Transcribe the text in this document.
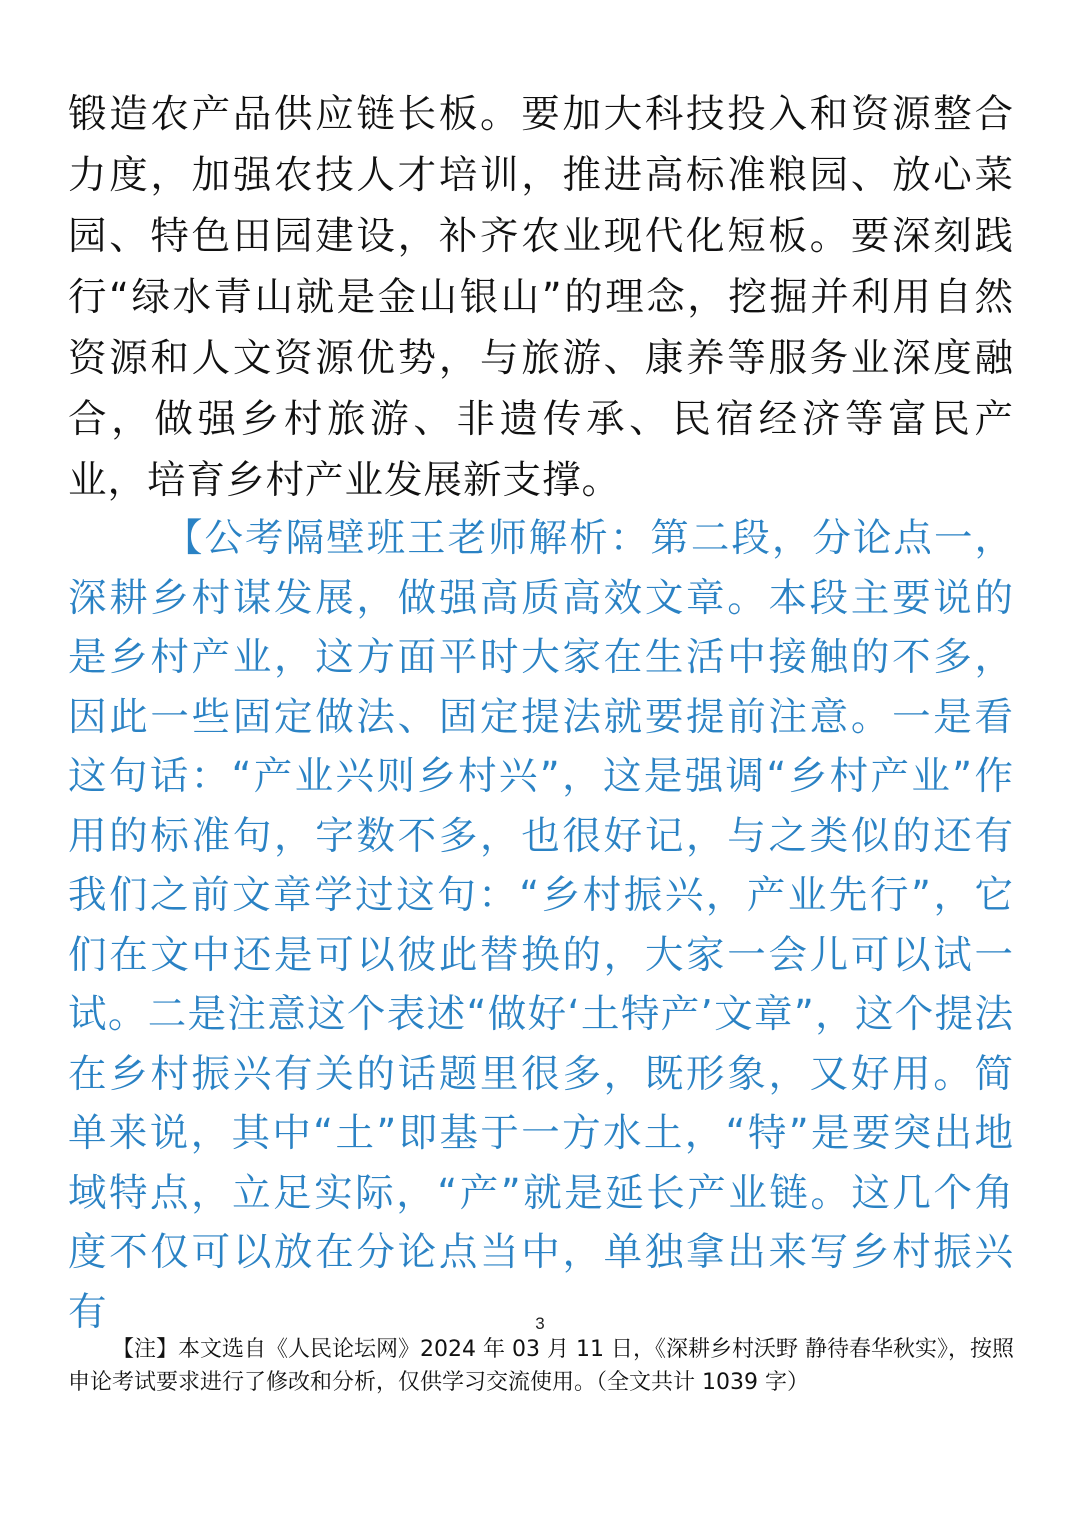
锻造农产品供应链长板。要加大科技投入和资源整合力度，加强农技人才培训，推进高标准粮园、放心菜园、特色田园建设，补齐农业现代化短板。要深刻践行“绿水青山就是金山银山”的理念，挖掘并利用自然资源和人文资源优势，与旅游、康养等服务业深度融合，做强乡村旅游、非遗传承、民宿经济等富民产业，培育乡村产业发展新支撑。

【公考隔壁班王老师解析：第二段，分论点一，深耕乡村谋发展，做强高质高效文章。本段主要说的是乡村产业，这方面平时大家在生活中接触的不多，因此一些固定做法、固定提法就要提前注意。一是看这句话：“产业兴则乡村兴”，这是强调“乡村产业”作用的标准句，字数不多，也很好记，与之类似的还有我们之前文章学过这句：“乡村振兴，产业先行”，它们在文中还是可以彼此替换的，大家一会儿可以试一试。二是注意这个表述“做好‘土特产’文章”，这个提法在乡村振兴有关的话题里很多，既形象，又好用。简单来说，其中“土”即基于一方水土，“特”是要突出地域特点，立足实际，“产”就是延长产业链。这几个角度不仅可以放在分论点当中，单独拿出来写乡村振兴有	3

【注】本文选自《人民论坛网》2024 年 03 月 11 日，《深耕乡村沃野 静待春华秋实》，按照申论考试要求进行了修改和分析，仅供学习交流使用。（全文共计 1039 字）
